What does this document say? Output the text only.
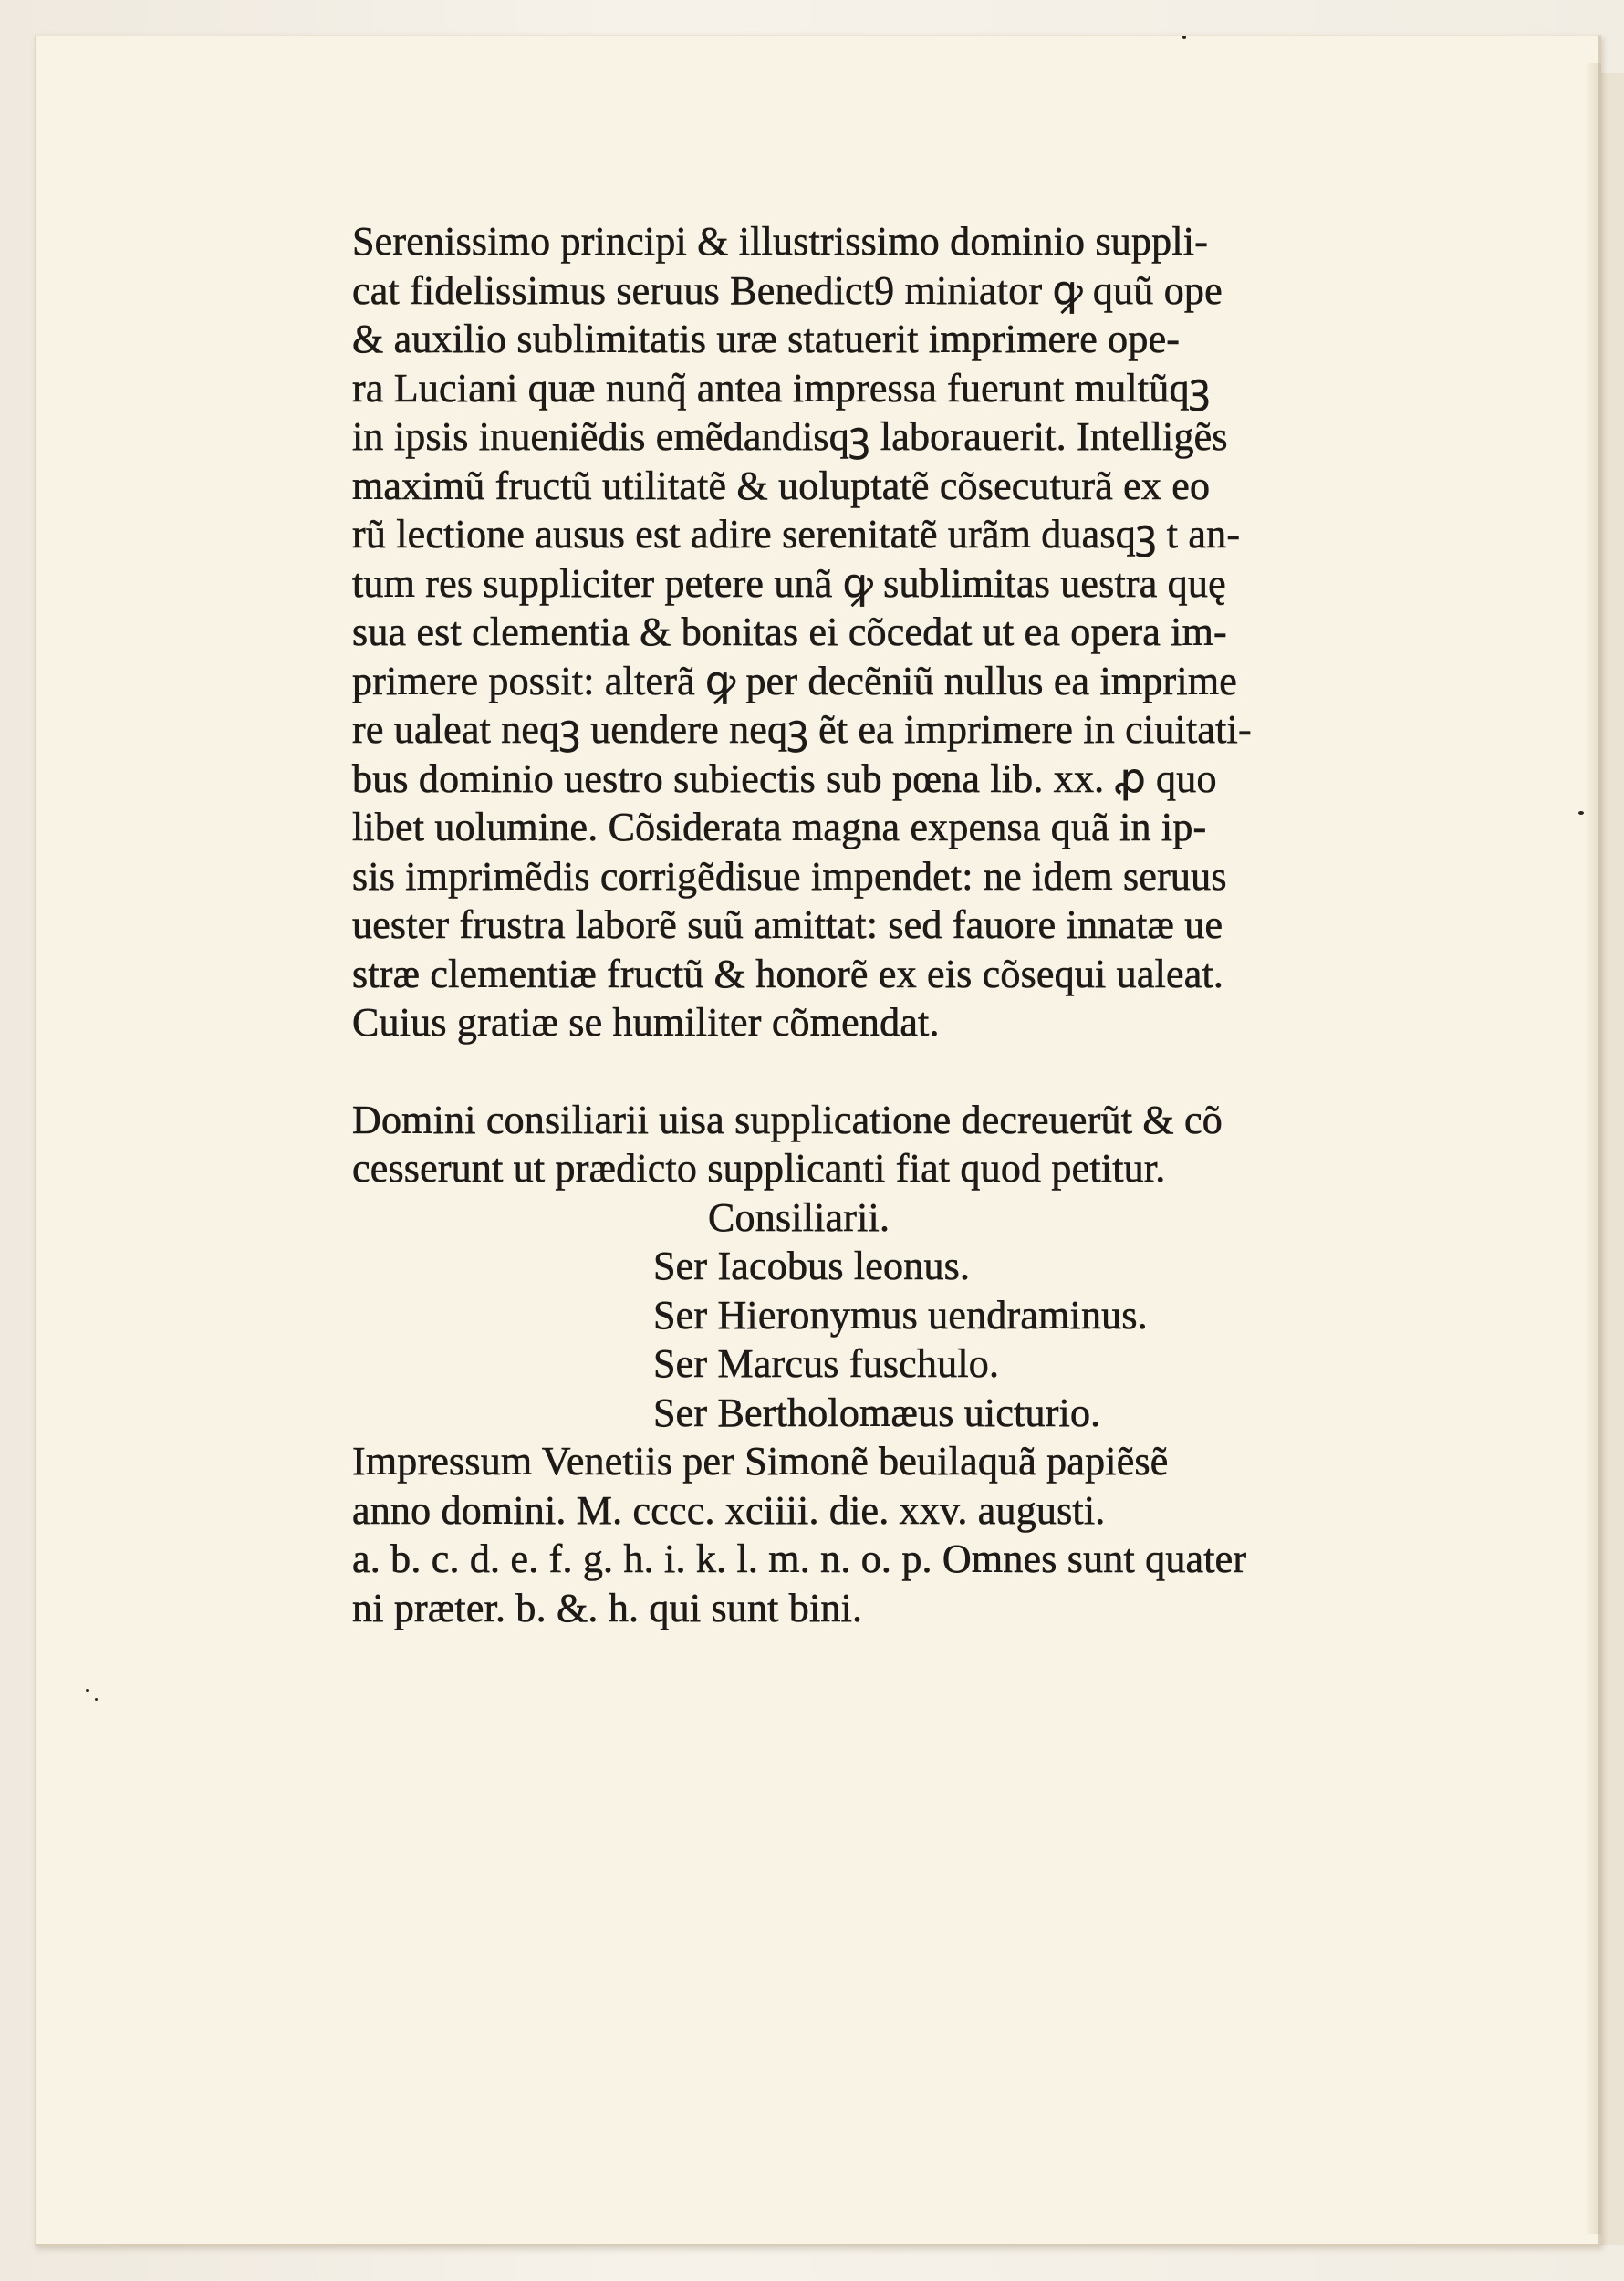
Serenissimo principi & illustrissimo dominio suppli-
cat fidelissimus seruus Benedict9 miniator ꝙ quũ ope
& auxilio sublimitatis uræ statuerit imprimere ope-
ra Luciani quæ nunq̃ antea impressa fuerunt multũqꝫ
in ipsis inueniẽdis emẽdandisqꝫ laborauerit. Intelligẽs
maximũ fructũ utilitatẽ & uoluptatẽ cõsecuturã ex eo
rũ lectione ausus est adire serenitatẽ urãm duasqꝫ t an-
tum res suppliciter petere unã ꝙ sublimitas uestra quę
sua est clementia & bonitas ei cõcedat ut ea opera im-
primere possit: alterã ꝙ per decẽniũ nullus ea imprime
re ualeat neqꝫ uendere neqꝫ ẽt ea imprimere in ciuitati-
bus dominio uestro subiectis sub pœna lib. xx. ꝓ quo
libet uolumine. Cõsiderata magna expensa quã in ip-
sis imprimẽdis corrigẽdisue impendet: ne idem seruus
uester frustra laborẽ suũ amittat: sed fauore innatæ ue
stræ clementiæ fructũ & honorẽ ex eis cõsequi ualeat.
Cuius gratiæ se humiliter cõmendat.
Domini consiliarii uisa supplicatione decreuerũt & cõ
cesserunt ut prædicto supplicanti fiat quod petitur.
Consiliarii.
Ser Iacobus leonus.
Ser Hieronymus uendraminus.
Ser Marcus fuschulo.
Ser Bertholomæus uicturio.
Impressum Venetiis per Simonẽ beuilaquã papiẽsẽ
anno domini. M. cccc. xciiii. die. xxv. augusti.
a. b. c. d. e. f. g. h. i. k. l. m. n. o. p. Omnes sunt quater
ni præter. b. &. h. qui sunt bini.
